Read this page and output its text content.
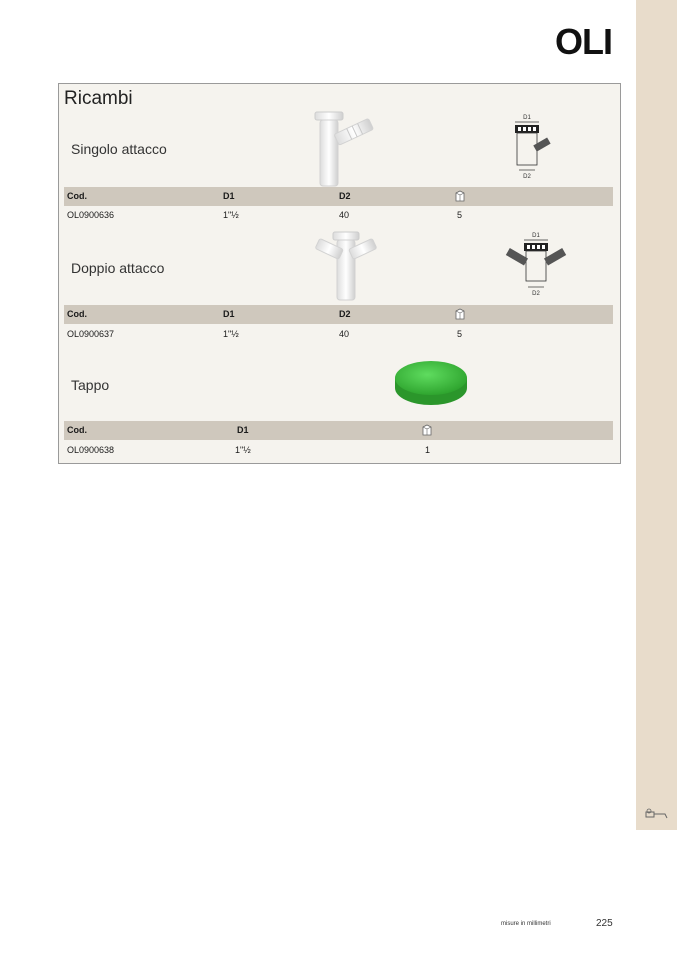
OLI
Ricambi
Singolo attacco
D1
D2
Cod.	D1	D2
OL0900636	1"½	40	5
Doppio attacco
D1
D2
Cod.	D1	D2
OL0900637	1"½	40	5
Tappo
Cod.	D1
OL0900638	1"½	1
misure in millimetri	225
